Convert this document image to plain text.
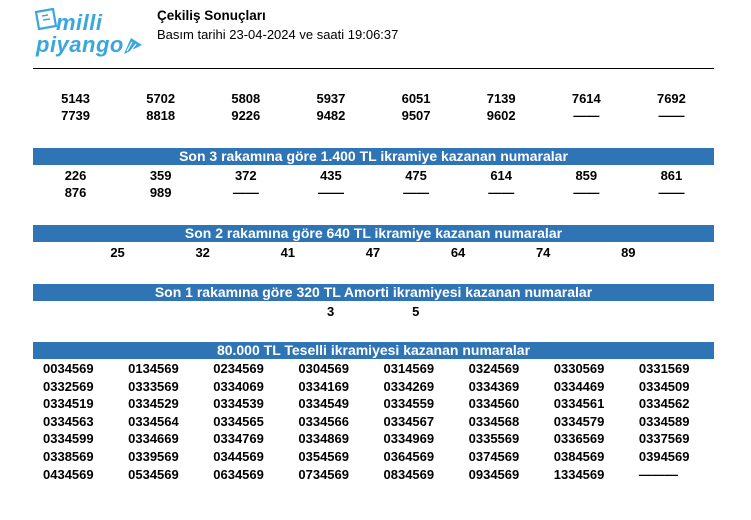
milli
piyango
Çekiliş Sonuçları
Basım tarihi 23-04-2024 ve saati 19:06:37
5143	5702	5808	5937	6051	7139	7614	7692
7739	8818	9226	9482	9507	9602	——	——
Son 3 rakamına göre 1.400 TL ikramiye kazanan numaralar
226	359	372	435	475	614	859	861
876	989	——	——	——	——	——	——
Son 2 rakamına göre 640 TL ikramiye kazanan numaralar
25	32	41	47	64	74	89
Son 1 rakamına göre 320 TL Amorti ikramiyesi kazanan numaralar
3	5
80.000 TL Teselli ikramiyesi kazanan numaralar
0034569	0134569	0234569	0304569	0314569	0324569	0330569	0331569
0332569	0333569	0334069	0334169	0334269	0334369	0334469	0334509
0334519	0334529	0334539	0334549	0334559	0334560	0334561	0334562
0334563	0334564	0334565	0334566	0334567	0334568	0334579	0334589
0334599	0334669	0334769	0334869	0334969	0335569	0336569	0337569
0338569	0339569	0344569	0354569	0364569	0374569	0384569	0394569
0434569	0534569	0634569	0734569	0834569	0934569	1334569	———
